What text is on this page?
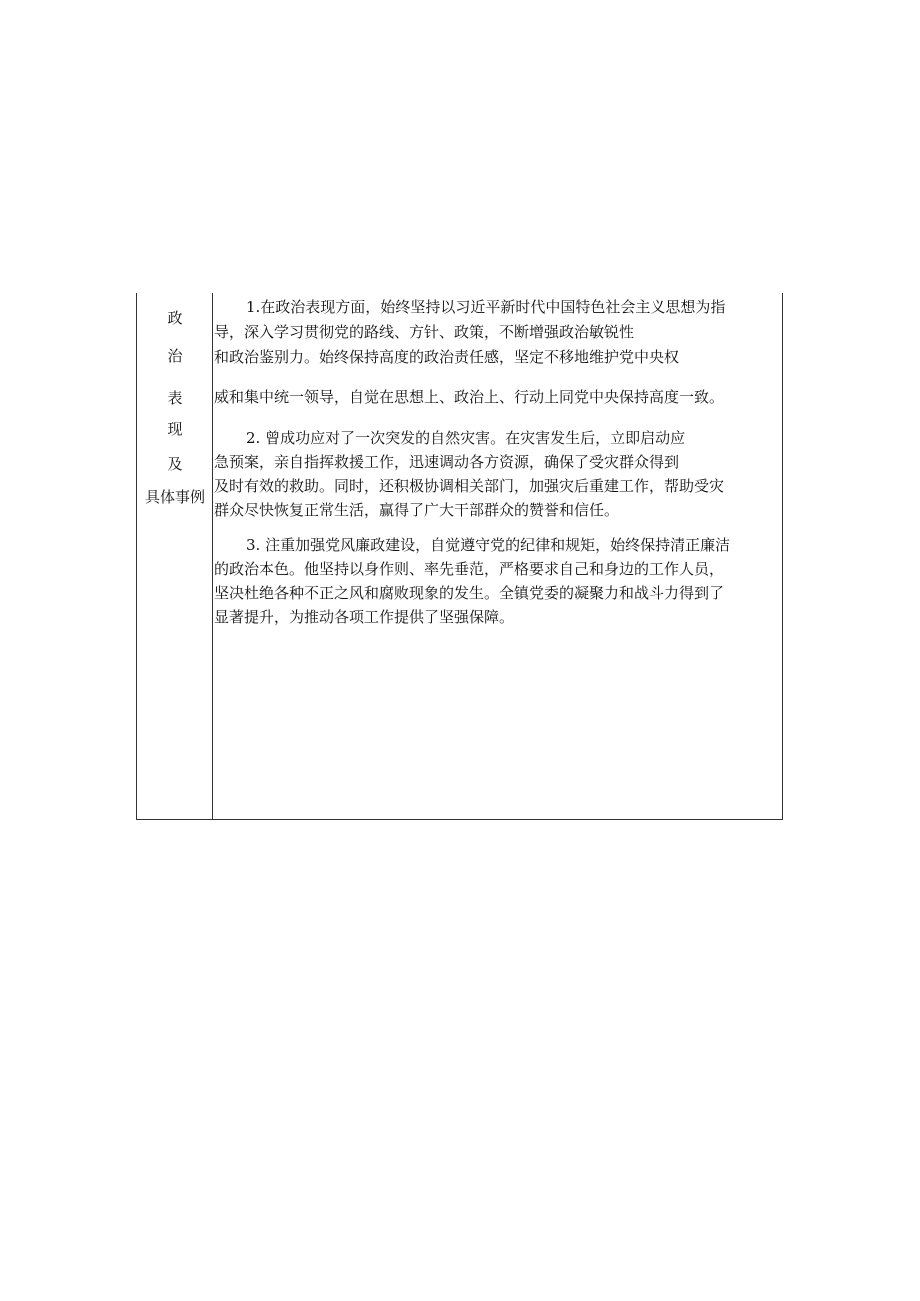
政
治
表
现
及
具体事例
1.在政治表现方面，始终坚持以习近平新时代中国特色社会主义思想为指
导，深入学习贯彻党的路线、方针、政策，不断增强政治敏锐性
和政治鉴别力。始终保持高度的政治责任感，坚定不移地维护党中央权
威和集中统一领导，自觉在思想上、政治上、行动上同党中央保持高度一致。
2. 曾成功应对了一次突发的自然灾害。在灾害发生后，立即启动应
急预案，亲自指挥救援工作，迅速调动各方资源，确保了受灾群众得到
及时有效的救助。同时，还积极协调相关部门，加强灾后重建工作，帮助受灾
群众尽快恢复正常生活，赢得了广大干部群众的赞誉和信任。
3. 注重加强党风廉政建设，自觉遵守党的纪律和规矩，始终保持清正廉洁
的政治本色。他坚持以身作则、率先垂范，严格要求自己和身边的工作人员，
坚决杜绝各种不正之风和腐败现象的发生。全镇党委的凝聚力和战斗力得到了
显著提升，为推动各项工作提供了坚强保障。
